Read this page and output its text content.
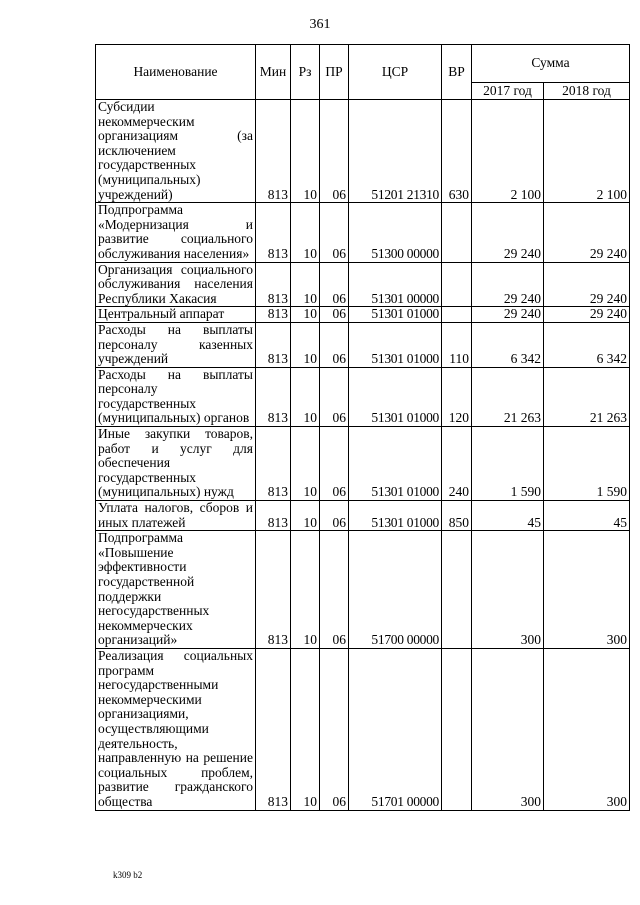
361
Наименование	Мин	Рз	ПР	ЦСР	ВР	Сумма	
						2017 год	2018 год
Субсидии некоммерческим организациям (за исключением государственных (муниципальных) учреждений)	813	10	06	51201 21310	630	2 100	2 100
Подпрограмма «Модернизация и развитие социального обслуживания населения»	813	10	06	51300 00000		29 240	29 240
Организация социального обслуживания населения Республики Хакасия	813	10	06	51301 00000		29 240	29 240
Центральный аппарат	813	10	06	51301 01000		29 240	29 240
Расходы на выплаты персоналу казенных учреждений	813	10	06	51301 01000	110	6 342	6 342
Расходы на выплаты персоналу государственных (муниципальных) органов	813	10	06	51301 01000	120	21 263	21 263
Иные закупки товаров, работ и услуг для обеспечения государственных (муниципальных) нужд	813	10	06	51301 01000	240	1 590	1 590
Уплата налогов, сборов и иных платежей	813	10	06	51301 01000	850	45	45
Подпрограмма «Повышение эффективности государственной поддержки негосударственных некоммерческих организаций»	813	10	06	51700 00000		300	300
Реализация социальных программ негосударственными некоммерческими организациями, осуществляющими деятельность, направленную на решение социальных проблем, развитие гражданского общества	813	10	06	51701 00000		300	300
k309 b2
